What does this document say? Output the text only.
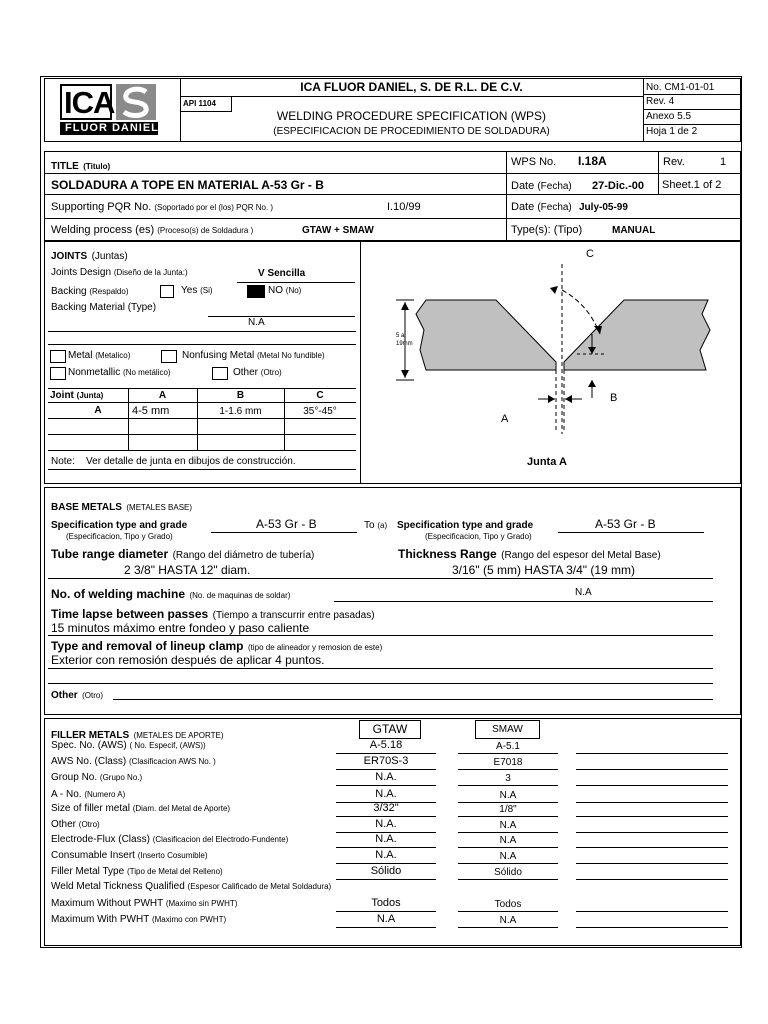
ICA
FLUOR DANIEL
ICA FLUOR DANIEL, S. DE R.L. DE C.V.
API 1104
WELDING PROCEDURE SPECIFICATION (WPS)
(ESPECIFICACION DE PROCEDIMIENTO DE SOLDADURA)
No. CM1-01-01
Rev. 4
Anexo 5.5
Hoja 1 de 2
TITLE (Titulo)
SOLDADURA A TOPE EN MATERIAL A-53 Gr - B
WPS No. I.18A	Rev.	1
Date (Fecha) 27-Dic.-00 Sheet.1 of 2
Supporting PQR No. (Soportado por el (los) PQR No. )	I.10/99	Date (Fecha) July-05-99
Welding process (es) (Proceso(s) de Soldadura )	GTAW + SMAW	Type(s): (Tipo)	MANUAL
JOINTS (Juntas)
Joints Design (Diseño de la Junta:)	V Sencilla
Backing (Respaldo)	Yes (Si)	NO (No)
Backing Material (Type)
N.A
Metal (Metalico)	Nonfusing Metal (Metal No fundible)
Nonmetallic (No metálico)	Other (Otro)
Joint (Junta)	A	B	C
A	4-5 mm	1-1.6 mm	35°-45°
Note: Ver detalle de junta en dibujos de construcción.
C
A
B
5 a
19mm
Junta A
BASE METALS (METALES BASE)
Specification type and grade
(Especificacion, Tipo y Grado)
A-53 Gr - B	To (a) Specification type and grade
(Especificacion, Tipo y Grado)
A-53 Gr - B
Tube range diameter (Rango del diámetro de tubería)
2 3/8" HASTA 12" diam.
Thickness Range (Rango del espesor del Metal Base)
3/16" (5 mm) HASTA 3/4" (19 mm)
No. of welding machine (No. de maquinas de soldar)	N.A
Time lapse between passes (Tiempo a transcurrir entre pasadas)
15 minutos máximo entre fondeo y paso caliente
Type and removal of lineup clamp (tipo de alineador y remosion de este)
Exterior con remosión después de aplicar 4 puntos.
Other (Otro)
FILLER METALS (METALES DE APORTE)	GTAW	SMAW
Spec. No. (AWS) ( No. Especif, (AWS))	A-5.18	A-5.1
AWS No. (Class) (Clasificacion AWS No. )	ER70S-3	E7018
Group No. (Grupo No.)	N.A.	3
A - No. (Numero A)	N.A.	N.A
Size of filler metal (Diam. del Metal de Aporte)	3/32"	1/8"
Other (Otro)	N.A.	N.A
Electrode-Flux (Class) (Clasificacion del Electrodo-Fundente)	N.A.	N.A
Consumable Insert (Inserto Cosumible)	N.A.	N.A
Filler Metal Type (Tipo de Metal del Relleno)	Sólido	Sólido
Weld Metal Tickness Qualified (Espesor Calificado de Metal Soldadura)
Maximum Without PWHT (Maximo sin PWHT)	Todos	Todos
Maximum With PWHT (Maximo con PWHT)	N.A	N.A
